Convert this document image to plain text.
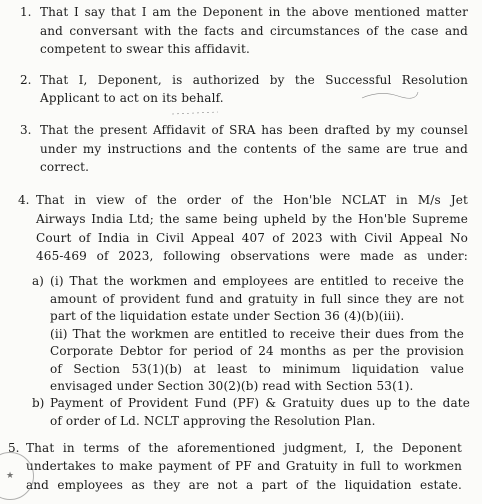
1. That I say that I am the Deponent in the above mentioned matter
and conversant with the facts and circumstances of the case and
competent to swear this affidavit.
2. That I, Deponent, is authorized by the Successful Resolution
Applicant to act on its behalf.
3. That the present Affidavit of SRA has been drafted by my counsel
under my instructions and the contents of the same are true and
correct.
4. That in view of the order of the Hon'ble NCLAT in M/s Jet
Airways India Ltd; the same being upheld by the Hon'ble Supreme
Court of India in Civil Appeal 407 of 2023 with Civil Appeal No
465-469 of 2023, following observations were made as under:
a) (i) That the workmen and employees are entitled to receive the
amount of provident fund and gratuity in full since they are not
part of the liquidation estate under Section 36 (4)(b)(iii).
(ii) That the workmen are entitled to receive their dues from the
Corporate Debtor for period of 24 months as per the provision
of Section 53(1)(b) at least to minimum liquidation value
envisaged under Section 30(2)(b) read with Section 53(1).
b) Payment of Provident Fund (PF) & Gratuity dues up to the date
of order of Ld. NCLT approving the Resolution Plan.
5. That in terms of the aforementioned judgment, I, the Deponent
undertakes to make payment of PF and Gratuity in full to workmen
and employees as they are not a part of the liquidation estate.
★
